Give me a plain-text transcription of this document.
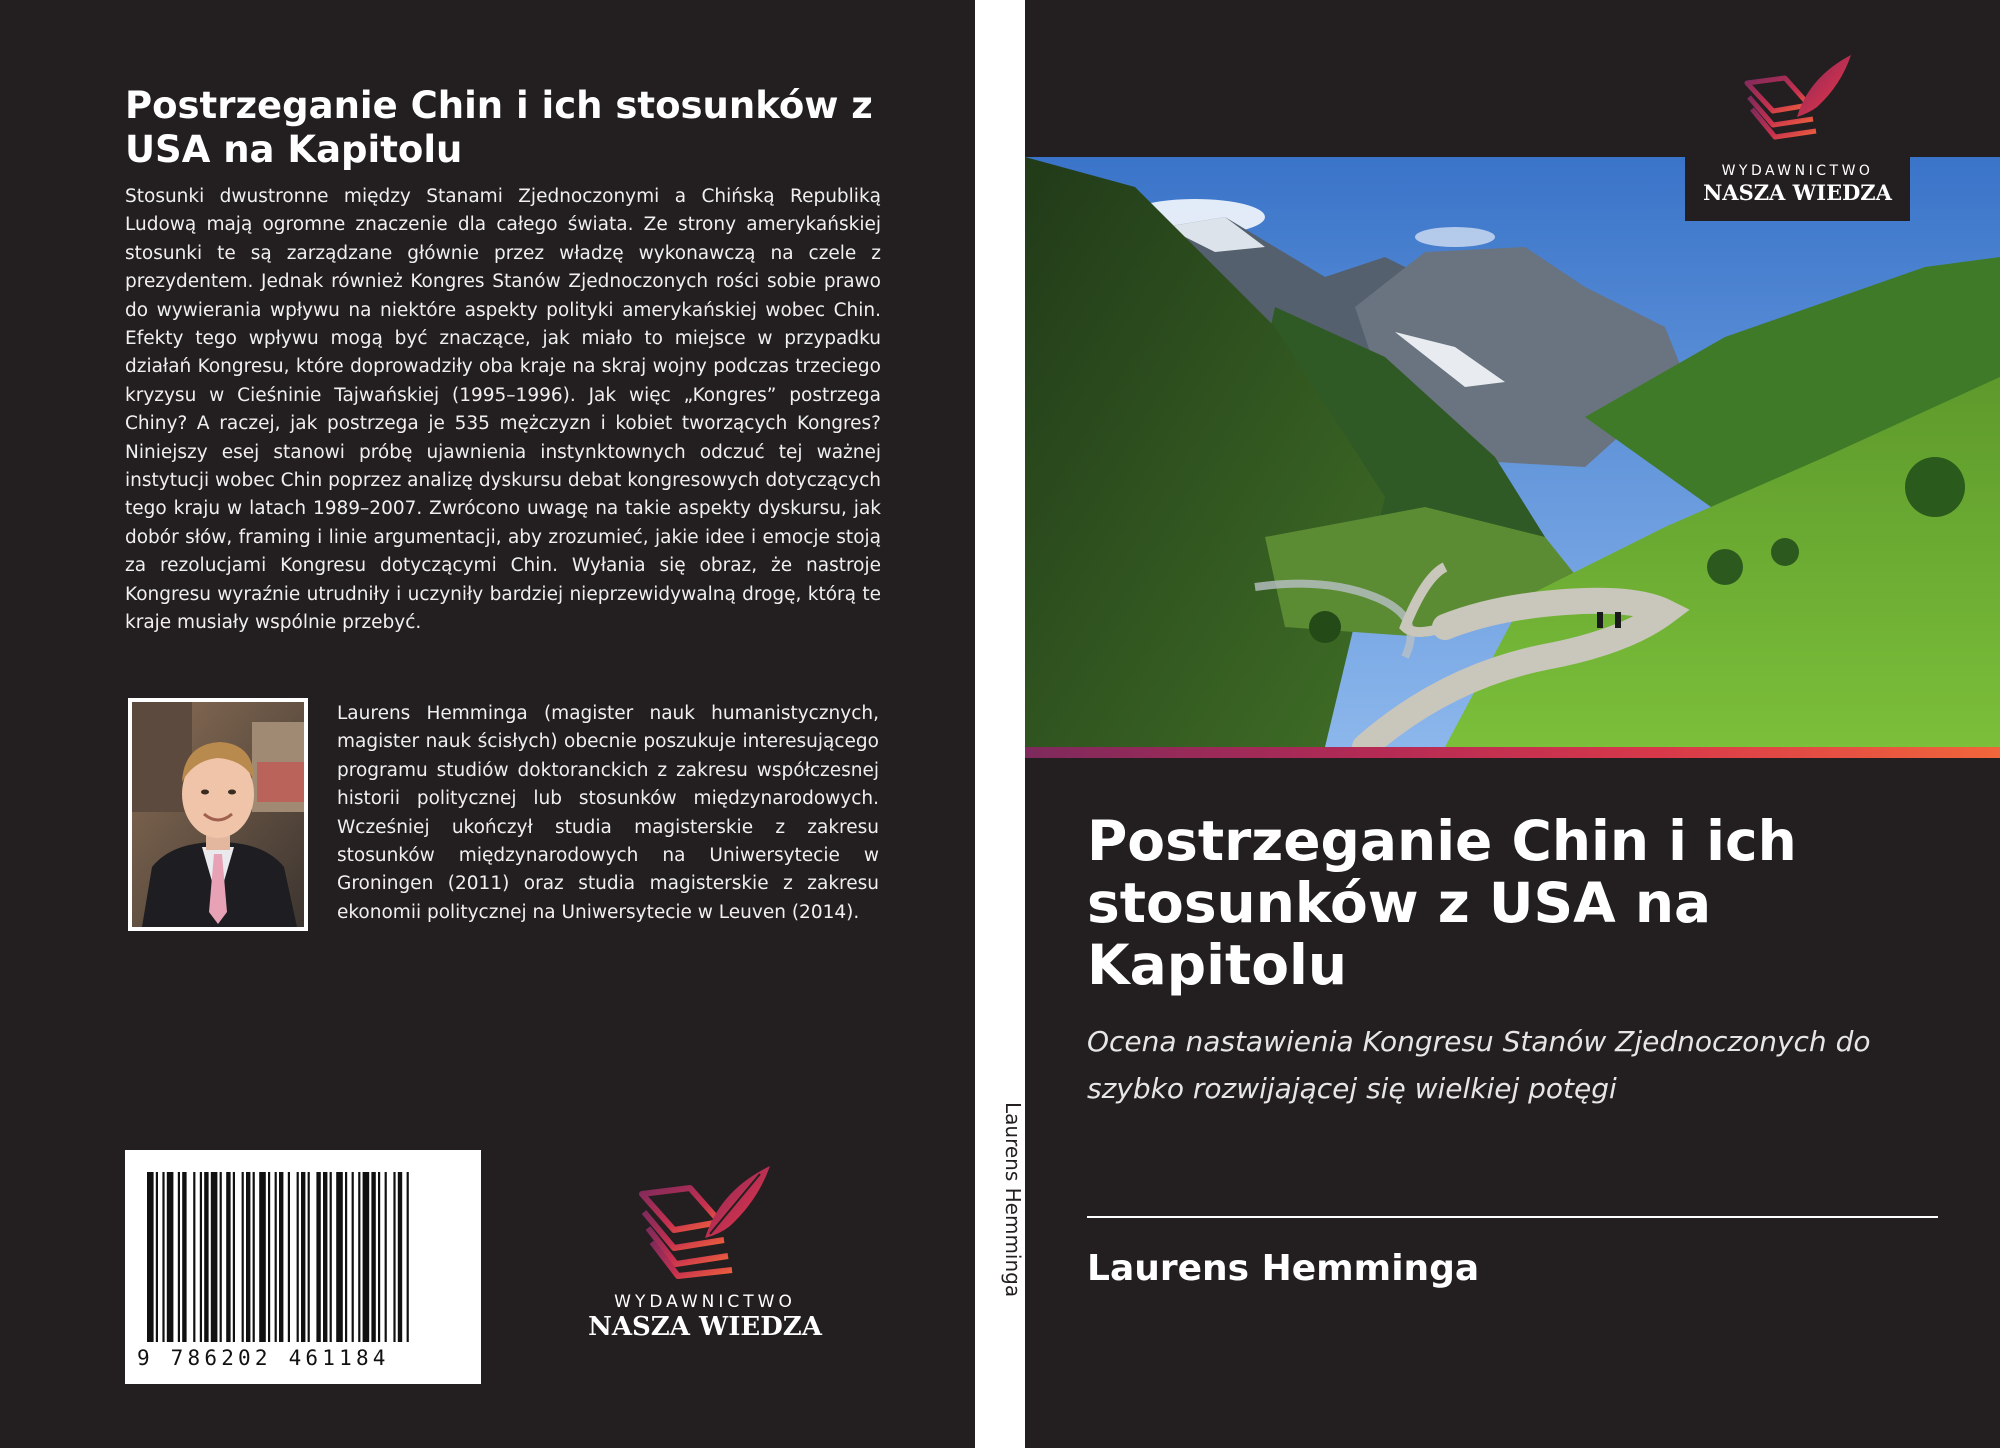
Postrzeganie Chin i ich stosunków z USA na Kapitolu
Stosunki dwustronne między Stanami Zjednoczonymi a Chińską Republiką Ludową mają ogromne znaczenie dla całego świata. Ze strony amerykańskiej stosunki te są zarządzane głównie przez władzę wykonawczą na czele z prezydentem. Jednak również Kongres Stanów Zjednoczonych rości sobie prawo do wywierania wpływu na niektóre aspekty polityki amerykańskiej wobec Chin. Efekty tego wpływu mogą być znaczące, jak miało to miejsce w przypadku działań Kongresu, które doprowadziły oba kraje na skraj wojny podczas trzeciego kryzysu w Cieśninie Tajwańskiej (1995–1996). Jak więc „Kongres” postrzega Chiny? A raczej, jak postrzega je 535 mężczyzn i kobiet tworzących Kongres? Niniejszy esej stanowi próbę ujawnienia instynktownych odczuć tej ważnej instytucji wobec Chin poprzez analizę dyskursu debat kongresowych dotyczących tego kraju w latach 1989–2007. Zwrócono uwagę na takie aspekty dyskursu, jak dobór słów, framing i linie argumentacji, aby zrozumieć, jakie idee i emocje stoją za rezolucjami Kongresu dotyczącymi Chin. Wyłania się obraz, że nastroje Kongresu wyraźnie utrudniły i uczyniły bardziej nieprzewidywalną drogę, którą te kraje musiały wspólnie przebyć.
Laurens Hemminga (magister nauk humanistycznych, magister nauk ścisłych) obecnie poszukuje interesującego programu studiów doktoranckich z zakresu współczesnej historii politycznej lub stosunków międzynarodowych. Wcześniej ukończył studia magisterskie z zakresu stosunków międzynarodowych na Uniwersytecie w Groningen (2011) oraz studia magisterskie z zakresu ekonomii politycznej na Uniwersytecie w Leuven (2014).
9 786202 461184
WYDAWNICTWO
NASZA WIEDZA
Laurens Hemminga
WYDAWNICTWO
NASZA WIEDZA
Postrzeganie Chin i ich stosunków z USA na Kapitolu
Ocena nastawienia Kongresu Stanów Zjednoczonych do szybko rozwijającej się wielkiej potęgi
Laurens Hemminga
